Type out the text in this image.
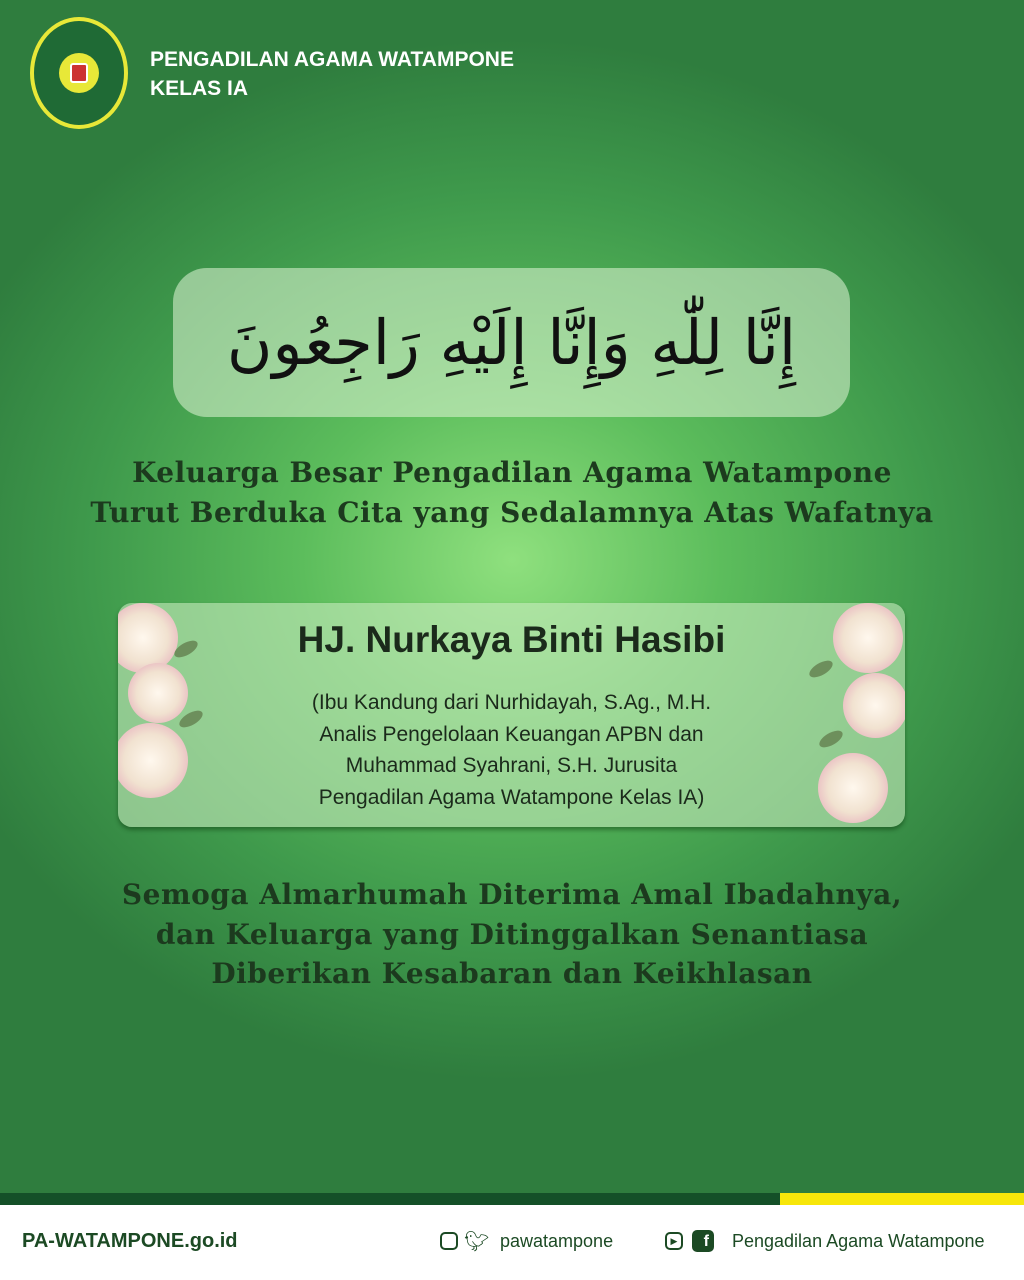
PENGADILAN AGAMA WATAMPONE
KELAS IA
إِنَّا لِلّٰهِ وَإِنَّا إِلَيْهِ رَاجِعُونَ
Keluarga Besar Pengadilan Agama Watampone
Turut Berduka Cita yang Sedalamnya Atas Wafatnya
HJ. Nurkaya Binti Hasibi
(Ibu Kandung dari Nurhidayah, S.Ag., M.H.
Analis Pengelolaan Keuangan APBN dan
Muhammad Syahrani, S.H. Jurusita
Pengadilan Agama Watampone Kelas IA)
Semoga Almarhumah Diterima Amal Ibadahnya,
dan Keluarga yang Ditinggalkan Senantiasa
Diberikan Kesabaran dan Keikhlasan
PA-WATAMPONE.go.id	🐦︎ pawatampone	▶	f Pengadilan Agama Watampone
